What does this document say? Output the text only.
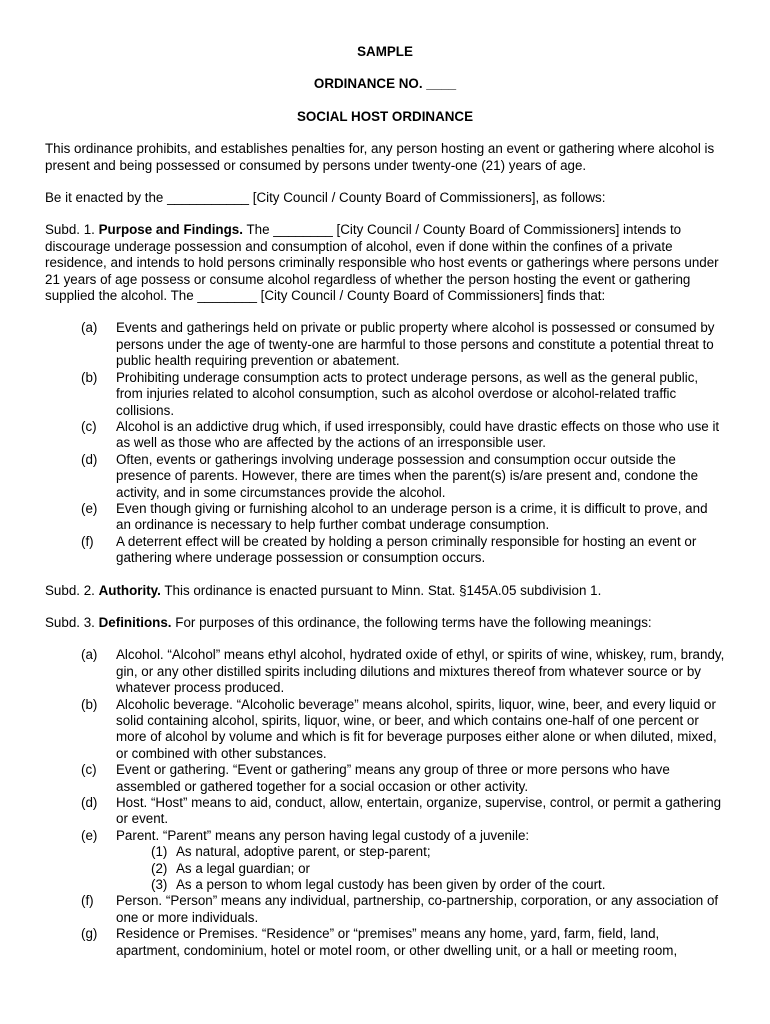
SAMPLE

ORDINANCE NO. ____

SOCIAL HOST ORDINANCE

This ordinance prohibits, and establishes penalties for, any person hosting an event or gathering where alcohol is present and being possessed or consumed by persons under twenty-one (21) years of age.

Be it enacted by the ___________ [City Council / County Board of Commissioners], as follows:

Subd. 1. Purpose and Findings. The ________ [City Council / County Board of Commissioners] intends to discourage underage possession and consumption of alcohol, even if done within the confines of a private residence, and intends to hold persons criminally responsible who host events or gatherings where persons under 21 years of age possess or consume alcohol regardless of whether the person hosting the event or gathering supplied the alcohol. The ________ [City Council / County Board of Commissioners] finds that:

(a) Events and gatherings held on private or public property where alcohol is possessed or consumed by persons under the age of twenty-one are harmful to those persons and constitute a potential threat to public health requiring prevention or abatement.
(b) Prohibiting underage consumption acts to protect underage persons, as well as the general public, from injuries related to alcohol consumption, such as alcohol overdose or alcohol-related traffic collisions.
(c) Alcohol is an addictive drug which, if used irresponsibly, could have drastic effects on those who use it as well as those who are affected by the actions of an irresponsible user.
(d) Often, events or gatherings involving underage possession and consumption occur outside the presence of parents. However, there are times when the parent(s) is/are present and, condone the activity, and in some circumstances provide the alcohol.
(e) Even though giving or furnishing alcohol to an underage person is a crime, it is difficult to prove, and an ordinance is necessary to help further combat underage consumption.
(f) A deterrent effect will be created by holding a person criminally responsible for hosting an event or gathering where underage possession or consumption occurs.

Subd. 2. Authority. This ordinance is enacted pursuant to Minn. Stat. §145A.05 subdivision 1.

Subd. 3. Definitions. For purposes of this ordinance, the following terms have the following meanings:

(a) Alcohol. “Alcohol” means ethyl alcohol, hydrated oxide of ethyl, or spirits of wine, whiskey, rum, brandy, gin, or any other distilled spirits including dilutions and mixtures thereof from whatever source or by whatever process produced.
(b) Alcoholic beverage. “Alcoholic beverage” means alcohol, spirits, liquor, wine, beer, and every liquid or solid containing alcohol, spirits, liquor, wine, or beer, and which contains one-half of one percent or more of alcohol by volume and which is fit for beverage purposes either alone or when diluted, mixed, or combined with other substances.
(c) Event or gathering. “Event or gathering” means any group of three or more persons who have assembled or gathered together for a social occasion or other activity.
(d) Host. “Host” means to aid, conduct, allow, entertain, organize, supervise, control, or permit a gathering or event.
(e) Parent. “Parent” means any person having legal custody of a juvenile:
(1) As natural, adoptive parent, or step-parent;
(2) As a legal guardian; or
(3) As a person to whom legal custody has been given by order of the court.
(f) Person. “Person” means any individual, partnership, co-partnership, corporation, or any association of one or more individuals.
(g) Residence or Premises. “Residence” or “premises” means any home, yard, farm, field, land, apartment, condominium, hotel or motel room, or other dwelling unit, or a hall or meeting room,
